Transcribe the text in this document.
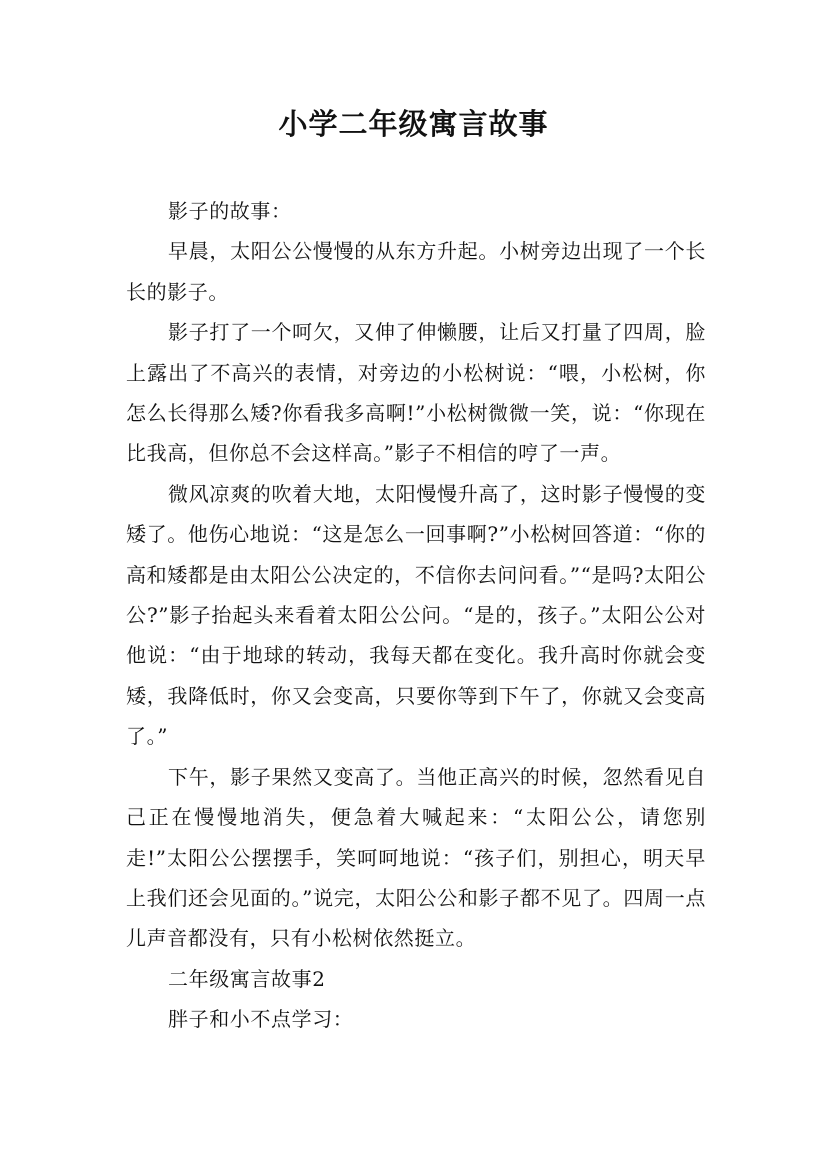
小学二年级寓言故事

影子的故事：

早晨，太阳公公慢慢的从东方升起。小树旁边出现了一个长长的影子。

影子打了一个呵欠，又伸了伸懒腰，让后又打量了四周，脸上露出了不高兴的表情，对旁边的小松树说：“喂，小松树，你怎么长得那么矮?你看我多高啊!”小松树微微一笑，说：“你现在比我高，但你总不会这样高。”影子不相信的哼了一声。

微风凉爽的吹着大地，太阳慢慢升高了，这时影子慢慢的变矮了。他伤心地说：“这是怎么一回事啊?”小松树回答道：“你的高和矮都是由太阳公公决定的，不信你去问问看。”“是吗?太阳公公?”影子抬起头来看着太阳公公问。“是的，孩子。”太阳公公对他说：“由于地球的转动，我每天都在变化。我升高时你就会变矮，我降低时，你又会变高，只要你等到下午了，你就又会变高了。”

下午，影子果然又变高了。当他正高兴的时候，忽然看见自己正在慢慢地消失，便急着大喊起来：“太阳公公，请您别走!”太阳公公摆摆手，笑呵呵地说：“孩子们，别担心，明天早上我们还会见面的。”说完，太阳公公和影子都不见了。四周一点儿声音都没有，只有小松树依然挺立。

二年级寓言故事2

胖子和小不点学习：
